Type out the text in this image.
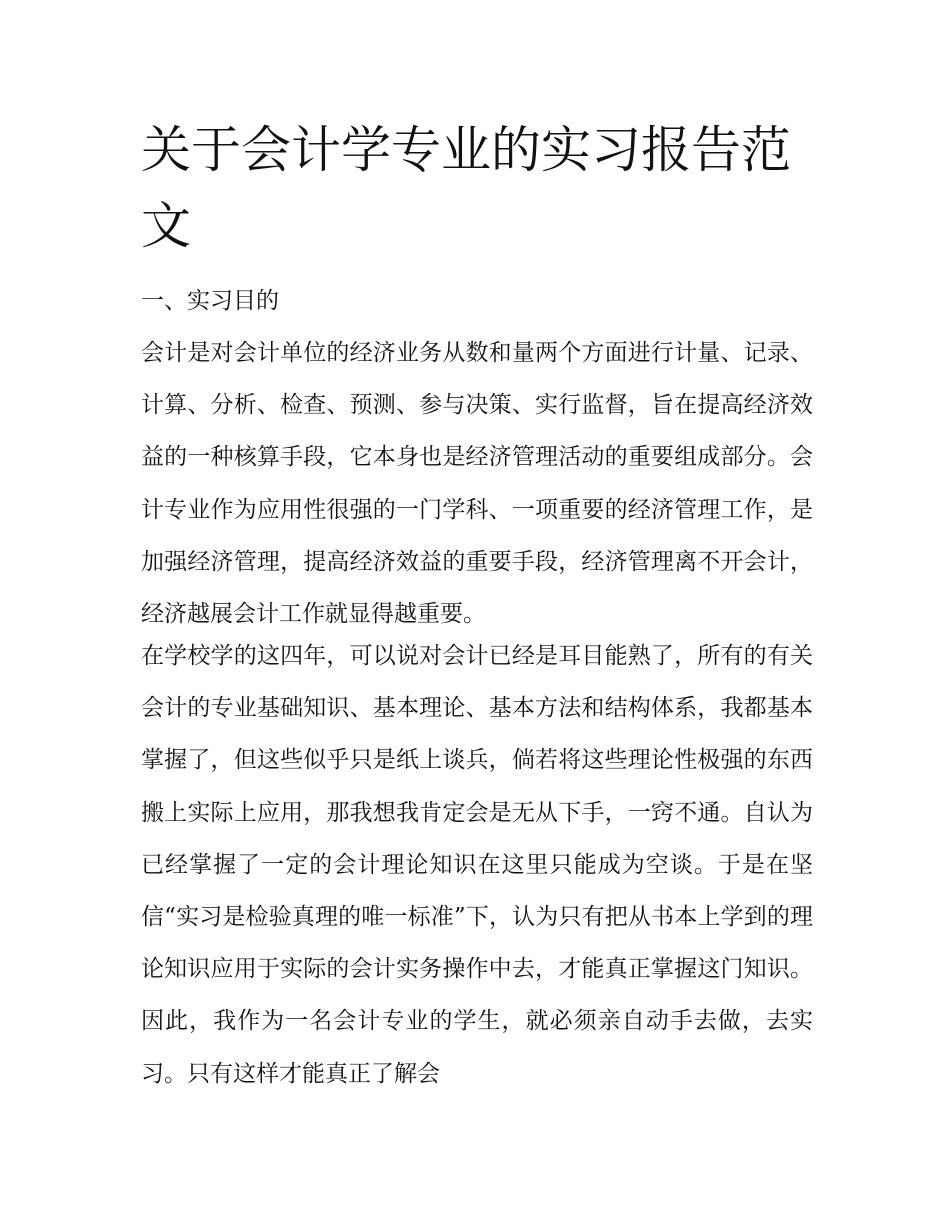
关于会计学专业的实习报告范文
一、实习目的

会计是对会计单位的经济业务从数和量两个方面进行计量、记录、计算、分析、检查、预测、参与决策、实行监督，旨在提高经济效益的一种核算手段，它本身也是经济管理活动的重要组成部分。会计专业作为应用性很强的一门学科、一项重要的经济管理工作，是加强经济管理，提高经济效益的重要手段，经济管理离不开会计，经济越展会计工作就显得越重要。

在学校学的这四年，可以说对会计已经是耳目能熟了，所有的有关会计的专业基础知识、基本理论、基本方法和结构体系，我都基本掌握了，但这些似乎只是纸上谈兵，倘若将这些理论性极强的东西搬上实际上应用，那我想我肯定会是无从下手，一窍不通。自认为已经掌握了一定的会计理论知识在这里只能成为空谈。于是在坚信“实习是检验真理的唯一标准”下，认为只有把从书本上学到的理论知识应用于实际的会计实务操作中去，才能真正掌握这门知识。因此，我作为一名会计专业的学生，就必须亲自动手去做，去实习。只有这样才能真正了解会
